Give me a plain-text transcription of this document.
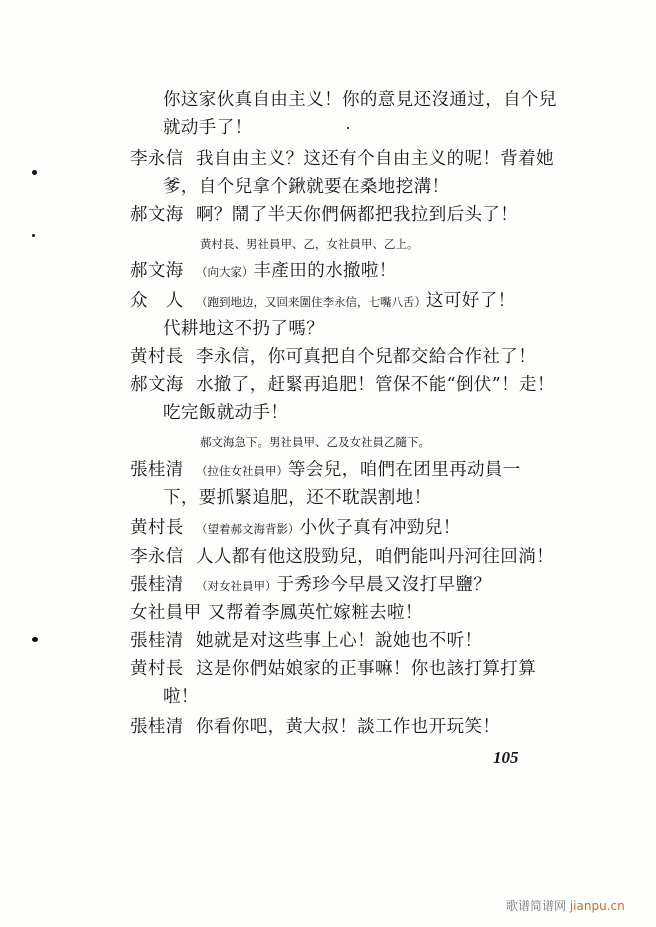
你这家伙真自由主义！你的意見还沒通过，自个兒
就动手了！
李永信 我自由主义？这还有个自由主义的呢！背着她
爹，自个兒拿个鍬就要在桑地挖溝！
郝文海 啊？鬧了半天你們俩都把我拉到后头了！
黄村長、男社員甲、乙，女社員甲、乙上。
郝文海 （向大家）丰產田的水撤啦！
众　人 （跑到地边，又回来圍住李永信，七嘴八舌）这可好了！
代耕地这不扔了嗎？
黄村長 李永信，你可真把自个兒都交給合作社了！
郝文海 水撤了，赶緊再追肥！管保不能“倒伏”！走！
吃完飯就动手！
郝文海急下。男社員甲、乙及女社員乙隨下。
張桂清 （拉住女社員甲）等会兒，咱們在团里再动員一
下，要抓緊追肥，还不耽誤割地！
黄村長 （望着郝文海背影）小伙子真有冲勁兒！
李永信 人人都有他这股勁兒，咱們能叫丹河往回淌！
張桂清 （对女社員甲）于秀珍今早晨又沒打早鹽？
女社員甲 又帮着李鳳英忙嫁粧去啦！
張桂清 她就是对这些事上心！說她也不听！
黄村長 这是你們姑娘家的正事嘛！你也該打算打算
啦！
張桂清 你看你吧，黄大叔！談工作也开玩笑！
105
歌谱简谱网 jianpu.cn
